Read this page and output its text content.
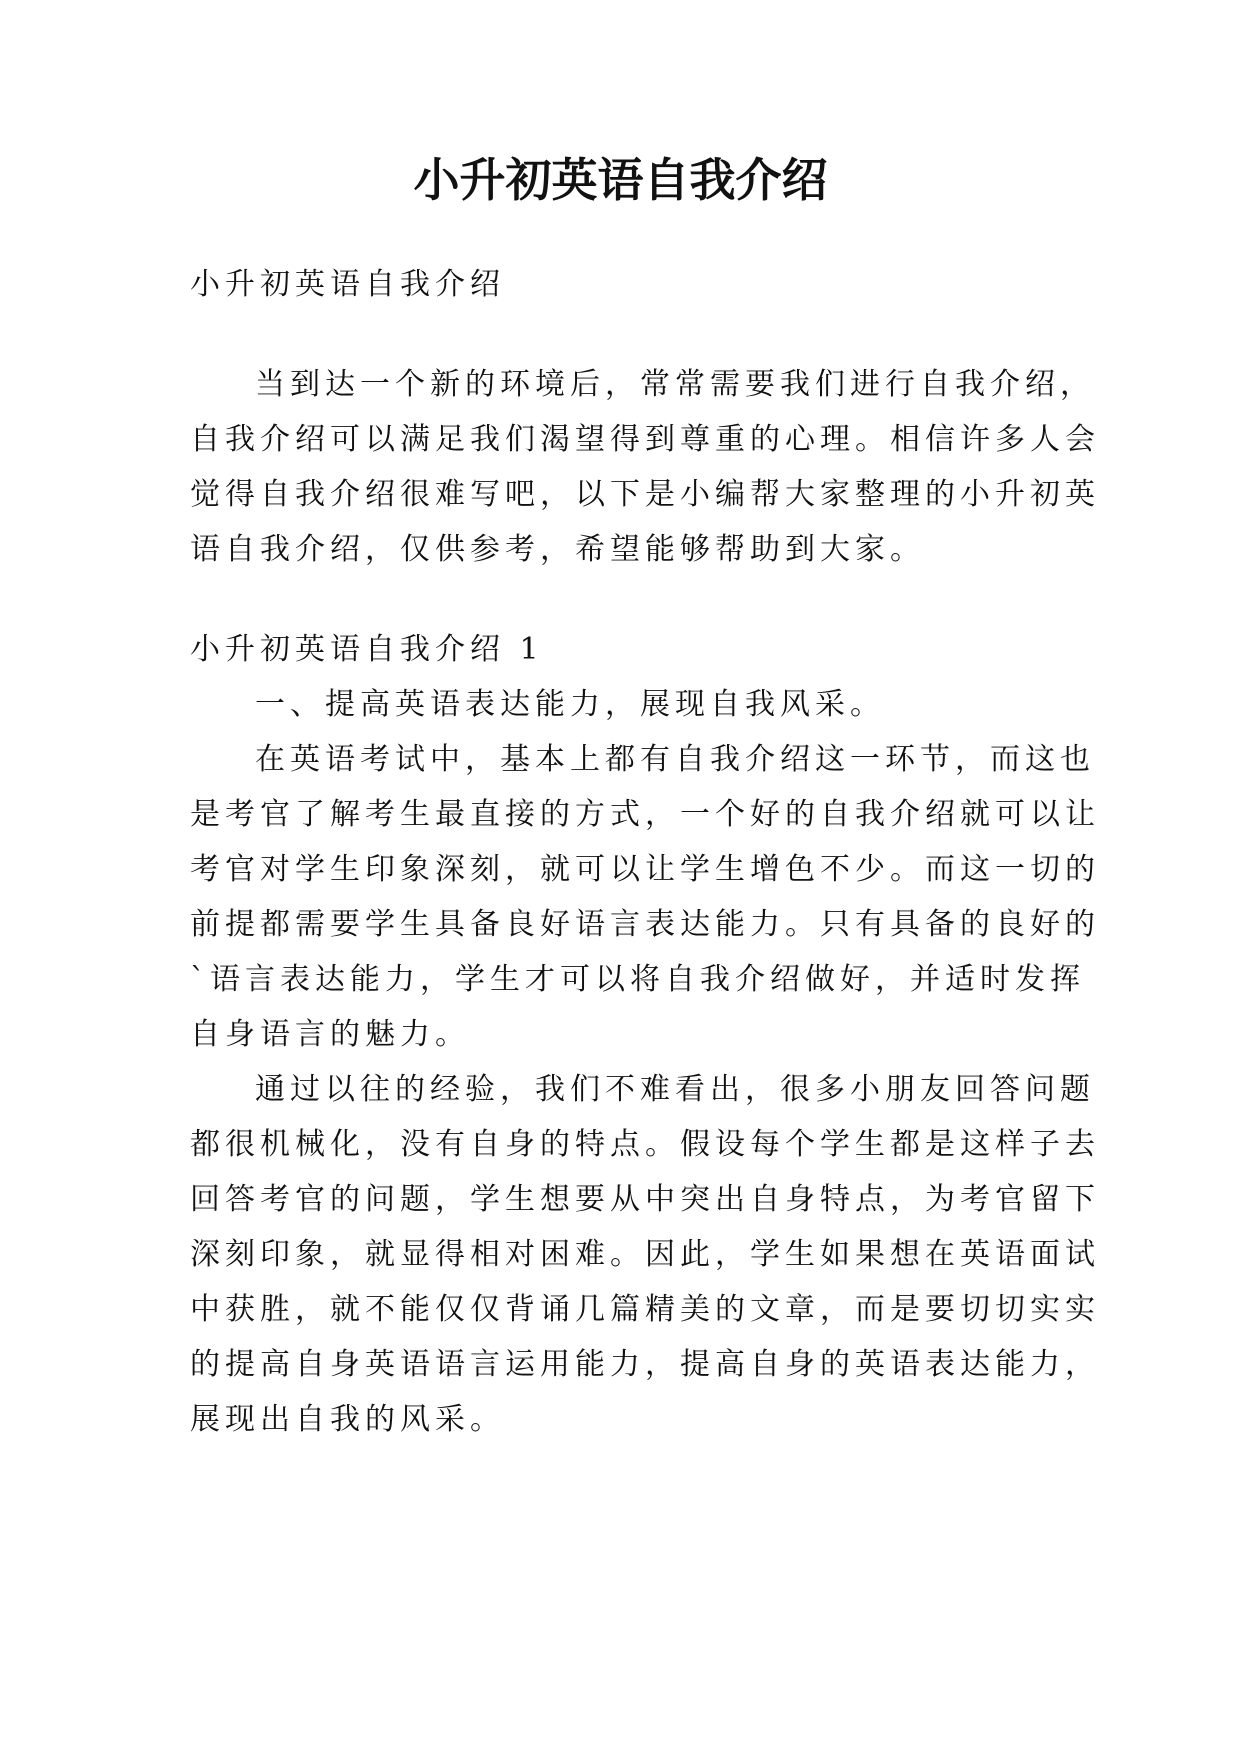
小升初英语自我介绍
小升初英语自我介绍
当到达一个新的环境后，常常需要我们进行自我介绍，
自我介绍可以满足我们渴望得到尊重的心理。相信许多人会
觉得自我介绍很难写吧，以下是小编帮大家整理的小升初英
语自我介绍，仅供参考，希望能够帮助到大家。
小升初英语自我介绍 1
一、提高英语表达能力，展现自我风采。
在英语考试中，基本上都有自我介绍这一环节，而这也
是考官了解考生最直接的方式，一个好的自我介绍就可以让
考官对学生印象深刻，就可以让学生增色不少。而这一切的
前提都需要学生具备良好语言表达能力。只有具备的良好的
`语言表达能力，学生才可以将自我介绍做好，并适时发挥
自身语言的魅力。
通过以往的经验，我们不难看出，很多小朋友回答问题
都很机械化，没有自身的特点。假设每个学生都是这样子去
回答考官的问题，学生想要从中突出自身特点，为考官留下
深刻印象，就显得相对困难。因此，学生如果想在英语面试
中获胜，就不能仅仅背诵几篇精美的文章，而是要切切实实
的提高自身英语语言运用能力，提高自身的英语表达能力，
展现出自我的风采。
